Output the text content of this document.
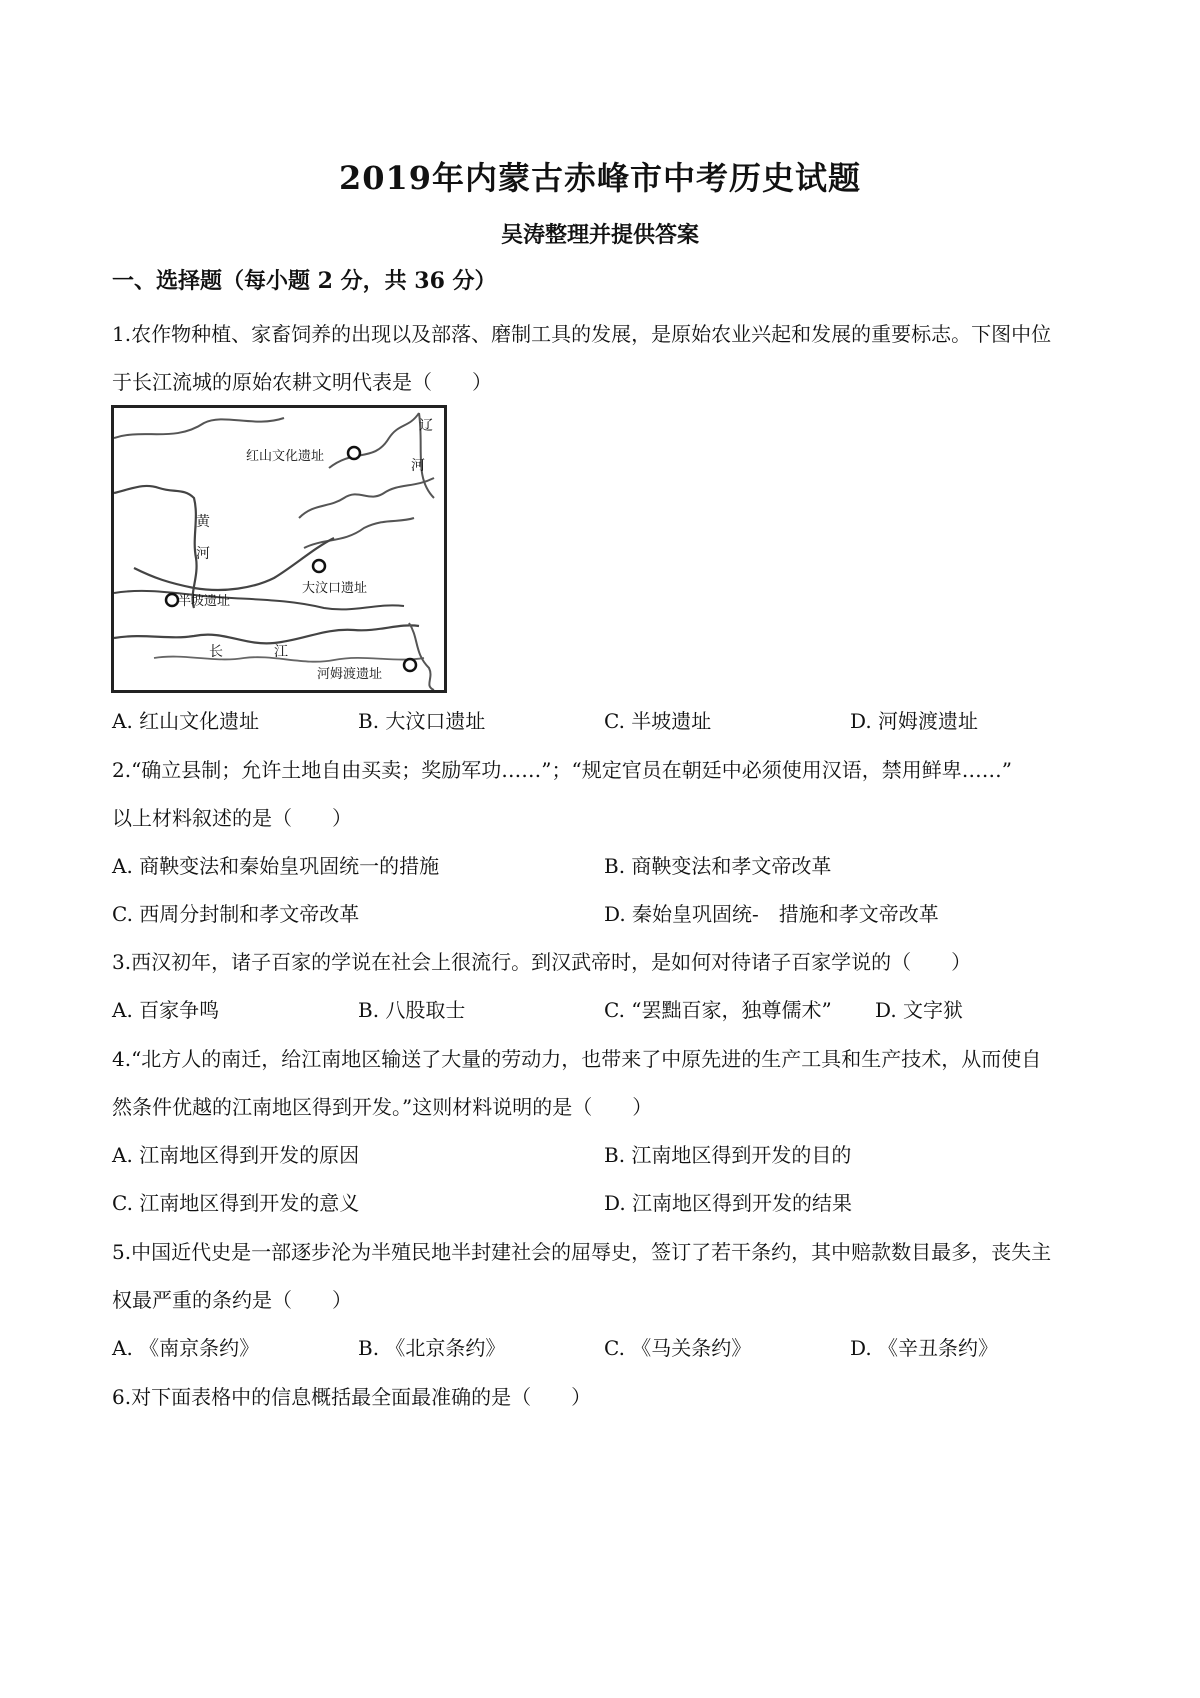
2019年内蒙古赤峰市中考历史试题
吴涛整理并提供答案
一、选择题（每小题 2 分，共 36 分）
1.农作物种植、家畜饲养的出现以及部落、磨制工具的发展，是原始农业兴起和发展的重要标志。下图中位
于长江流城的原始农耕文明代表是（　　）
红山文化遗址
大汶口遗址
半坡遗址
河姆渡遗址
辽
河
黄
河
长	江
A. 红山文化遗址	B. 大汶口遗址	C. 半坡遗址	D. 河姆渡遗址
2.“确立县制；允许土地自由买卖；奖励军功……”；“规定官员在朝廷中必须使用汉语，禁用鲜卑……”
以上材料叙述的是（　　）
A. 商鞅变法和秦始皇巩固统一的措施	B. 商鞅变法和孝文帝改革
C. 西周分封制和孝文帝改革	D. 秦始皇巩固统-　措施和孝文帝改革
3.西汉初年，诸子百家的学说在社会上很流行。到汉武帝时，是如何对待诸子百家学说的（　　）
A. 百家争鸣	B. 八股取士	C. “罢黜百家，独尊儒术” D. 文字狱
4.“北方人的南迁，给江南地区输送了大量的劳动力，也带来了中原先进的生产工具和生产技术，从而使自
然条件优越的江南地区得到开发。”这则材料说明的是（　　）
A. 江南地区得到开发的原因	B. 江南地区得到开发的目的
C. 江南地区得到开发的意义	D. 江南地区得到开发的结果
5.中国近代史是一部逐步沦为半殖民地半封建社会的屈辱史，签订了若干条约，其中赔款数目最多，丧失主
权最严重的条约是（　　）
A. 《南京条约》	B. 《北京条约》	C. 《马关条约》	D. 《辛丑条约》
6.对下面表格中的信息概括最全面最准确的是（　　）
